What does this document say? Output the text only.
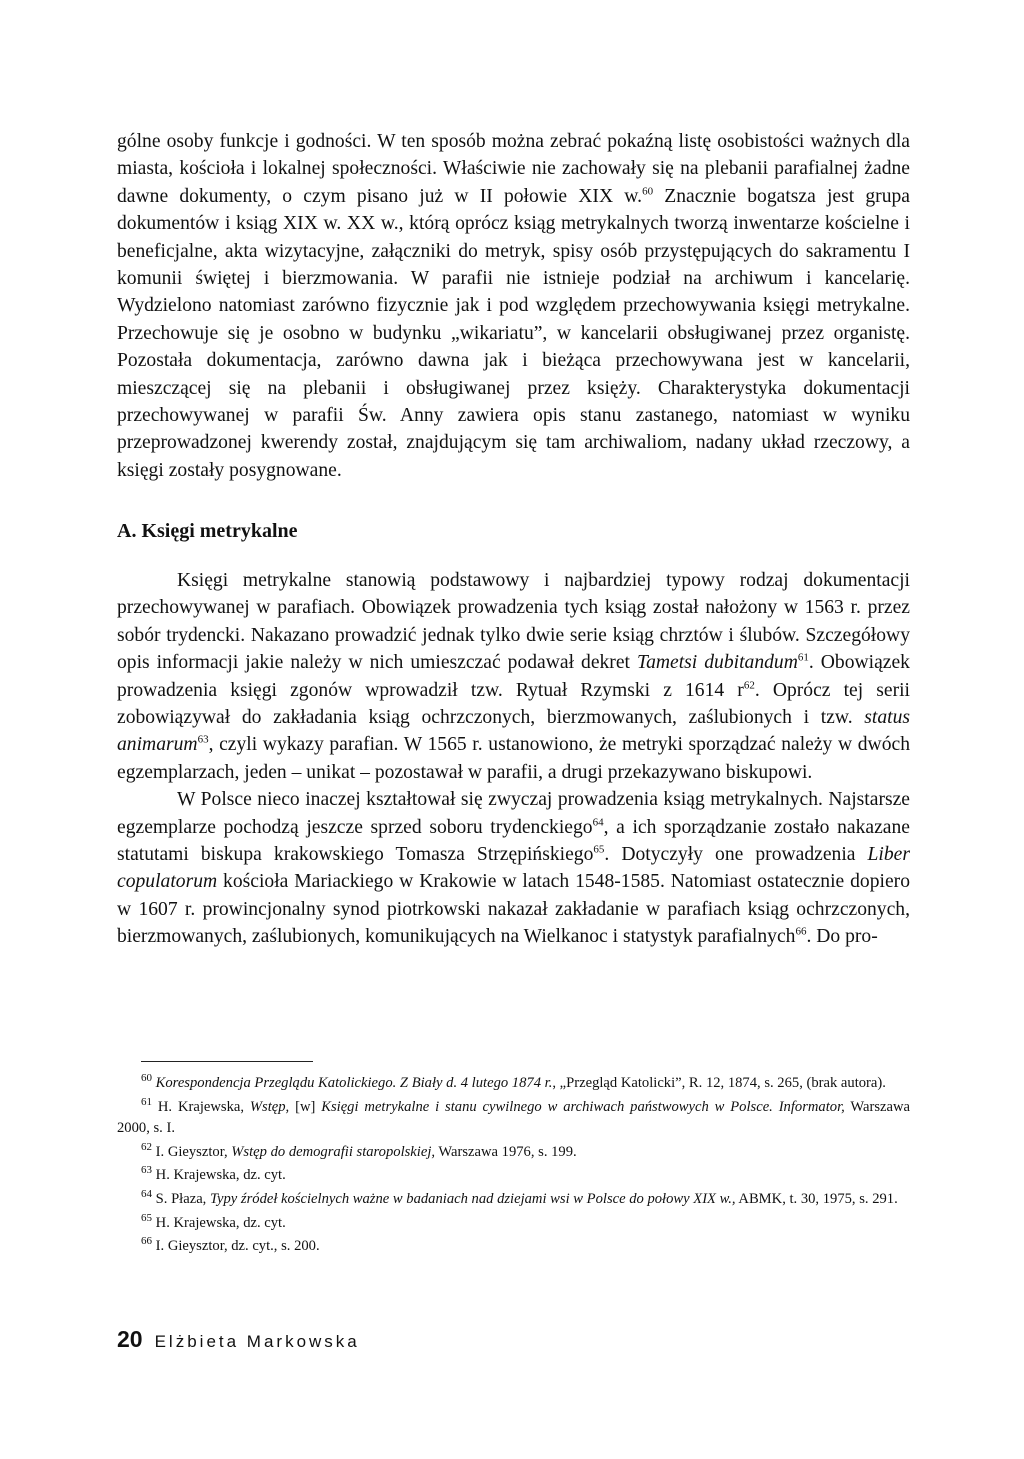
gólne osoby funkcje i godności. W ten sposób można zebrać pokaźną listę osobistości ważnych dla miasta, kościoła i lokalnej społeczności. Właściwie nie zachowały się na plebanii parafialnej żadne dawne dokumenty, o czym pisano już w II połowie XIX w.$^{60}$ Znacznie bogatsza jest grupa dokumentów i ksiąg XIX w. XX w., którą oprócz ksiąg metrykalnych tworzą inwentarze kościelne i beneficjalne, akta wizytacyjne, załączniki do metryk, spisy osób przystępujących do sakramentu I komunii świętej i bierzmowania. W parafii nie istnieje podział na archiwum i kancelarię. Wydzielono natomiast zarówno fizycznie jak i pod względem przechowywania księgi metrykalne. Przechowuje się je osobno w budynku „wikariatu”, w kancelarii obsługiwanej przez organistę. Pozostała dokumentacja, zarówno dawna jak i bieżąca przechowywana jest w kancelarii, mieszczącej się na plebanii i obsługiwanej przez księży. Charakterystyka dokumentacji przechowywanej w parafii Św. Anny zawiera opis stanu zastanego, natomiast w wyniku przeprowadzonej kwerendy został, znajdującym się tam archiwaliom, nadany układ rzeczowy, a księgi zostały posygnowane.

A. Księgi metrykalne

Księgi metrykalne stanowią podstawowy i najbardziej typowy rodzaj dokumentacji przechowywanej w parafiach. Obowiązek prowadzenia tych ksiąg został nałożony w 1563 r. przez sobór trydencki. Nakazano prowadzić jednak tylko dwie serie ksiąg chrztów i ślubów. Szczegółowy opis informacji jakie należy w nich umieszczać podawał dekret Tametsi dubitandum$^{61}$. Obowiązek prowadzenia księgi zgonów wprowadził tzw. Rytuał Rzymski z 1614 $r^{62}$. Oprócz tej serii zobowiązywał do zakładania ksiąg ochrzczonych, bierzmowanych, zaślubionych i tzw. status animarum$^{63}$, czyli wykazy parafian. W 1565 r. ustanowiono, że metryki sporządzać należy w dwóch egzemplarzach, jeden – unikat – pozostawał w parafii, a drugi przekazywano biskupowi.

W Polsce nieco inaczej kształtował się zwyczaj prowadzenia ksiąg metrykalnych. Najstarsze egzemplarze pochodzą jeszcze sprzed soboru trydenckiego$^{64}$, a ich sporządzanie zostało nakazane statutami biskupa krakowskiego Tomasza Strzępińskiego$^{65}$. Dotyczyły one prowadzenia Liber copulatorum kościoła Mariackiego w Krakowie w latach 1548-1585. Natomiast ostatecznie dopiero w 1607 r. prowincjonalny synod piotrkowski nakazał zakładanie w parafiach ksiąg ochrzczonych, bierzmowanych, zaślubionych, komunikujących na Wielkanoc i statystyk parafialnych$^{66}$. Do pro-

$^{60}$ Korespondencja Przeglądu Katolickiego. Z Biały d. 4 lutego 1874 r., „Przegląd Katolicki”, R. 12, 1874, s. 265, (brak autora).

$^{61}$ H. Krajewska, Wstęp, [w] Księgi metrykalne i stanu cywilnego w archiwach państwowych w Polsce. Informator, Warszawa 2000, s. I.

$^{62}$ I. Gieysztor, Wstęp do demografii staropolskiej, Warszawa 1976, s. 199.

$^{63}$ H. Krajewska, dz. cyt.

$^{64}$ S. Płaza, Typy źródeł kościelnych ważne w badaniach nad dziejami wsi w Polsce do połowy XIX w., ABMK, t. 30, 1975, s. 291.

$^{65}$ H. Krajewska, dz. cyt.

$^{66}$ I. Gieysztor, dz. cyt., s. 200.

20 Elżbieta Markowska
